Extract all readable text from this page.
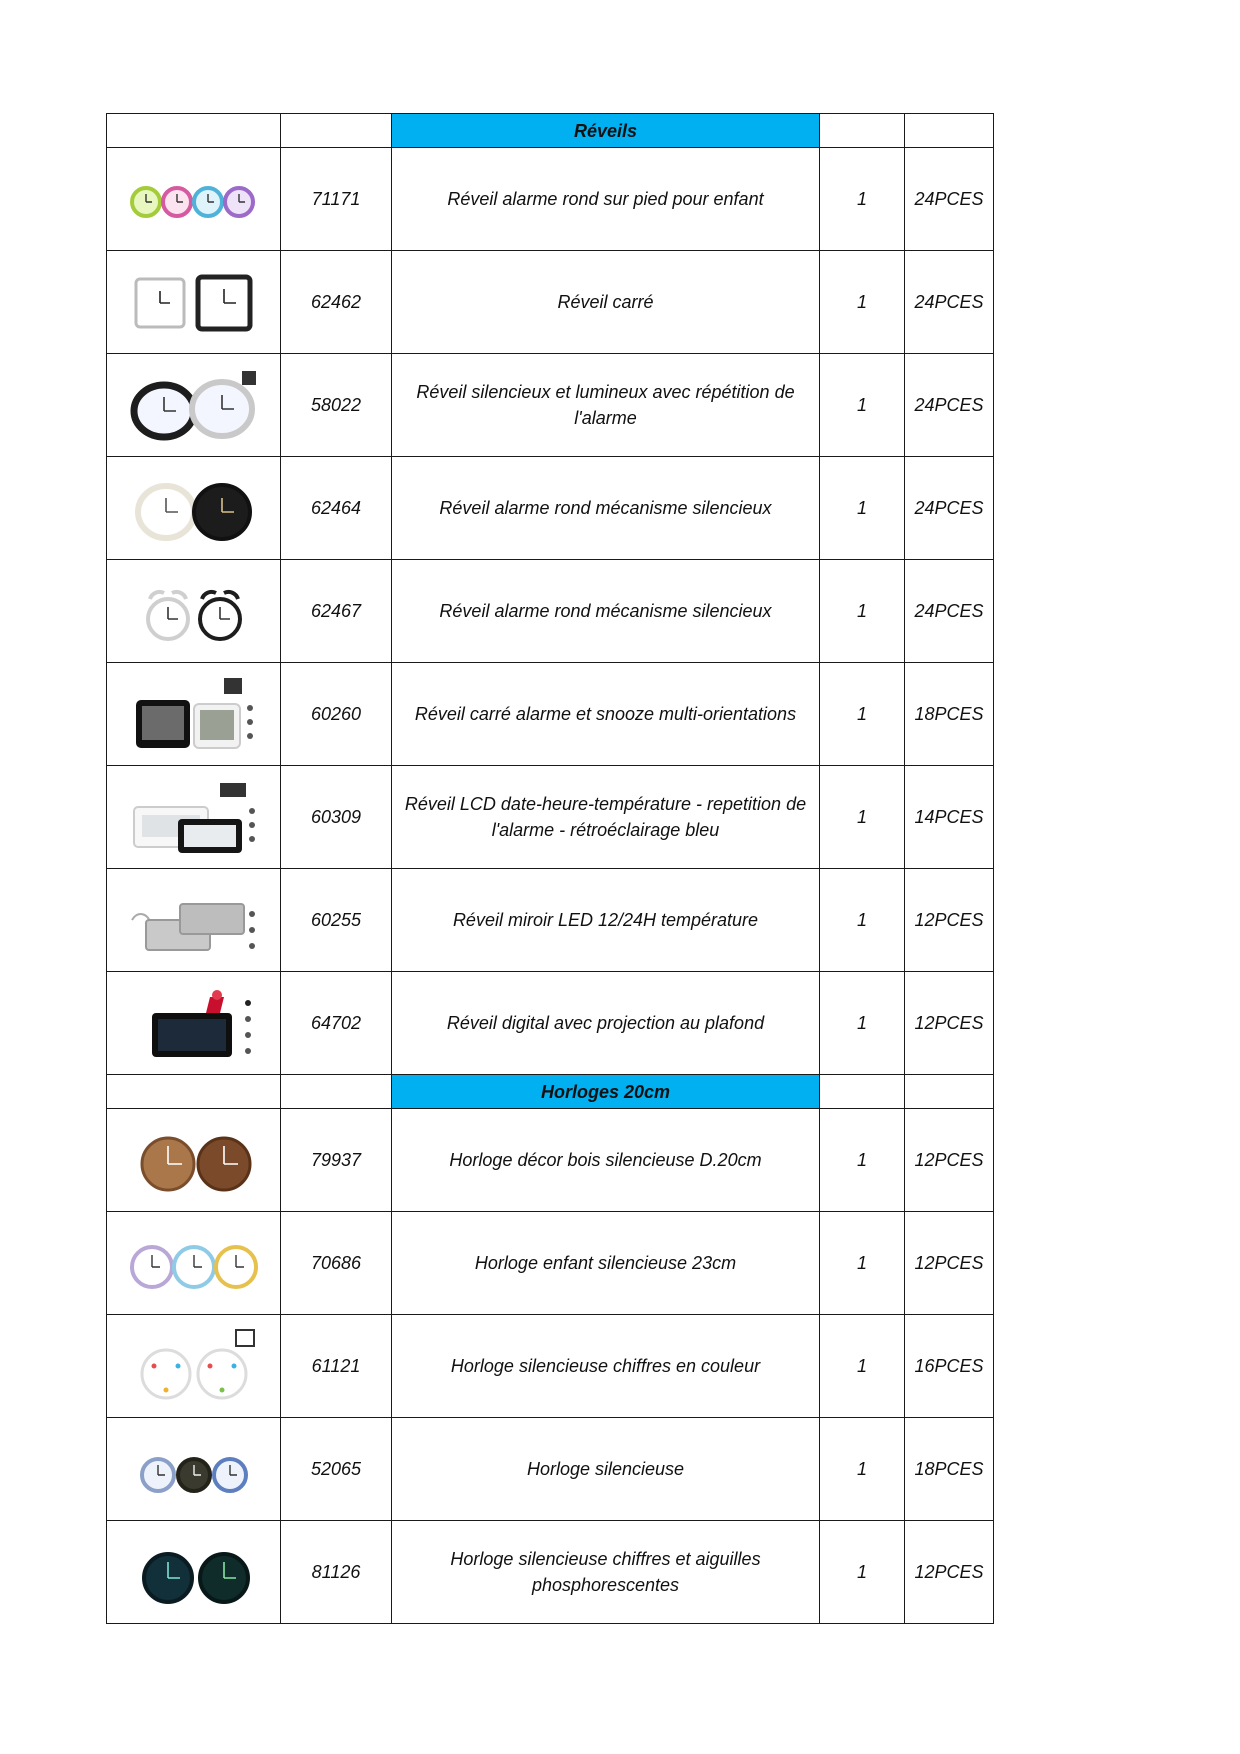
		Réveils		

	71171	Réveil alarme rond sur pied pour enfant	1	24PCES

	62462	Réveil carré	1	24PCES

	58022	Réveil silencieux et lumineux avec répétition de l'alarme	1	24PCES

	62464	Réveil alarme rond mécanisme silencieux	1	24PCES

	62467	Réveil alarme rond mécanisme silencieux	1	24PCES

	60260	Réveil carré alarme et snooze multi-orientations	1	18PCES

	60309	Réveil LCD date-heure-température - repetition de l'alarme - rétroéclairage bleu	1	14PCES

	60255	Réveil miroir LED 12/24H température	1	12PCES

	64702	Réveil digital avec projection au plafond	1	12PCES
		Horloges 20cm		

	79937	Horloge décor bois silencieuse D.20cm	1	12PCES

	70686	Horloge enfant silencieuse 23cm	1	12PCES

	61121	Horloge silencieuse chiffres en couleur	1	16PCES

	52065	Horloge silencieuse	1	18PCES

	81126	Horloge silencieuse chiffres et aiguilles phosphorescentes	1	12PCES
